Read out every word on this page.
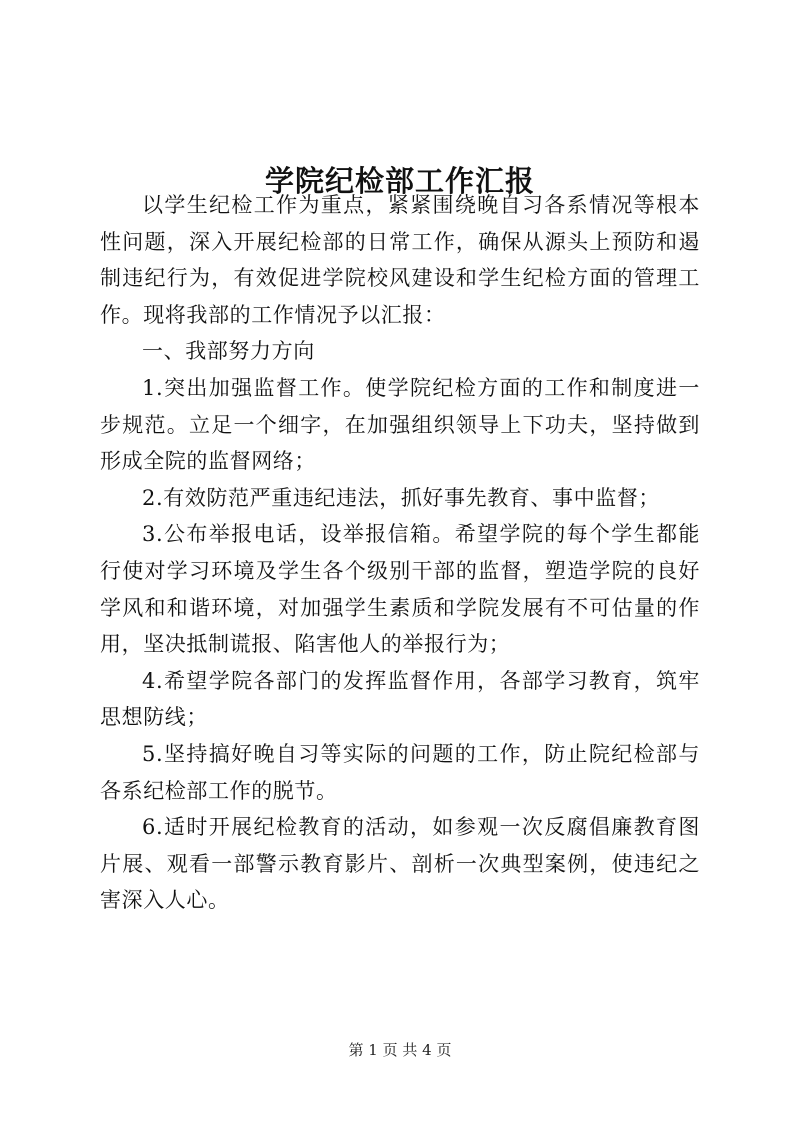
学院纪检部工作汇报

以学生纪检工作为重点，紧紧围绕晚自习各系情况等根本性问题，深入开展纪检部的日常工作，确保从源头上预防和遏制违纪行为，有效促进学院校风建设和学生纪检方面的管理工作。现将我部的工作情况予以汇报：

一、我部努力方向

1.突出加强监督工作。使学院纪检方面的工作和制度进一步规范。立足一个细字，在加强组织领导上下功夫，坚持做到形成全院的监督网络；

2.有效防范严重违纪违法，抓好事先教育、事中监督；

3.公布举报电话，设举报信箱。希望学院的每个学生都能行使对学习环境及学生各个级别干部的监督，塑造学院的良好学风和和谐环境，对加强学生素质和学院发展有不可估量的作用，坚决抵制谎报、陷害他人的举报行为；

4.希望学院各部门的发挥监督作用，各部学习教育，筑牢思想防线；

5.坚持搞好晚自习等实际的问题的工作，防止院纪检部与各系纪检部工作的脱节。

6.适时开展纪检教育的活动，如参观一次反腐倡廉教育图片展、观看一部警示教育影片、剖析一次典型案例，使违纪之害深入人心。

第 1 页 共 4 页
